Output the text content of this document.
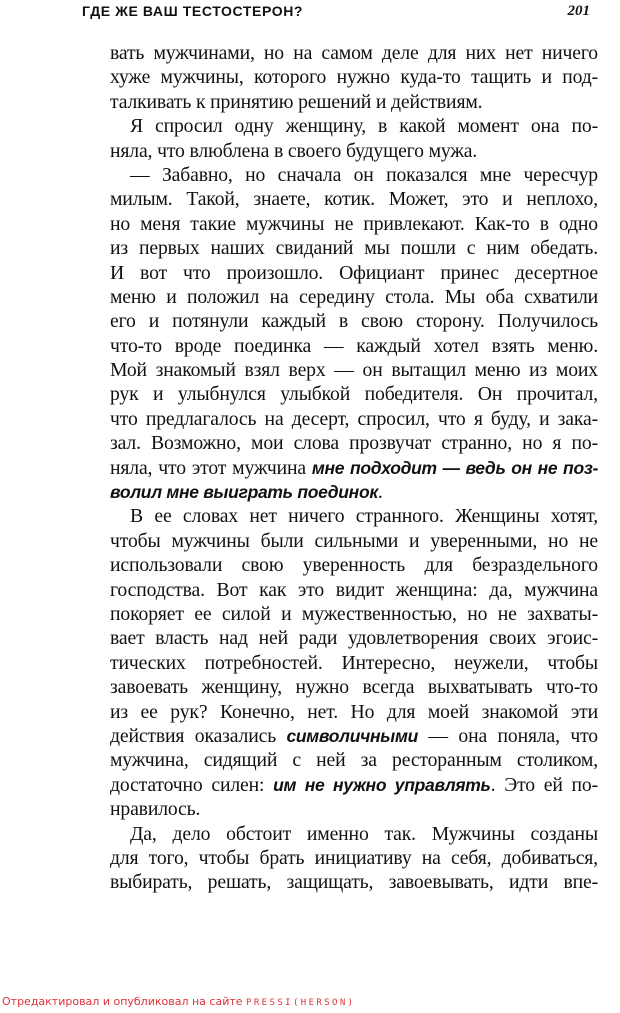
ГДЕ ЖЕ ВАШ ТЕСТОСТЕРОН?	201
вать мужчинами, но на самом деле для них нет ничего
хуже мужчины, которого нужно куда-то тащить и под-
талкивать к принятию решений и действиям.
Я спросил одну женщину, в какой момент она по-
няла, что влюблена в своего будущего мужа.
— Забавно, но сначала он показался мне чересчур
милым. Такой, знаете, котик. Может, это и неплохо,
но меня такие мужчины не привлекают. Как-то в одно
из первых наших свиданий мы пошли с ним обедать.
И вот что произошло. Официант принес десертное
меню и положил на середину стола. Мы оба схватили
его и потянули каждый в свою сторону. Получилось
что-то вроде поединка — каждый хотел взять меню.
Мой знакомый взял верх — он вытащил меню из моих
рук и улыбнулся улыбкой победителя. Он прочитал,
что предлагалось на десерт, спросил, что я буду, и зака-
зал. Возможно, мои слова прозвучат странно, но я по-
няла, что этот мужчина мне подходит — ведь он не поз-
волил мне выиграть поединок.
В ее словах нет ничего странного. Женщины хотят,
чтобы мужчины были сильными и уверенными, но не
использовали свою уверенность для безраздельного
господства. Вот как это видит женщина: да, мужчина
покоряет ее силой и мужественностью, но не захваты-
вает власть над ней ради удовлетворения своих эгоис-
тических потребностей. Интересно, неужели, чтобы
завоевать женщину, нужно всегда выхватывать что-то
из ее рук? Конечно, нет. Но для моей знакомой эти
действия оказались символичными — она поняла, что
мужчина, сидящий с ней за ресторанным столиком,
достаточно силен: им не нужно управлять. Это ей по-
нравилось.
Да, дело обстоит именно так. Мужчины созданы
для того, чтобы брать инициативу на себя, добиваться,
выбирать, решать, защищать, завоевывать, идти впе-
Отредактировал и опубликовал на сайте PRESSI(HERSON)
